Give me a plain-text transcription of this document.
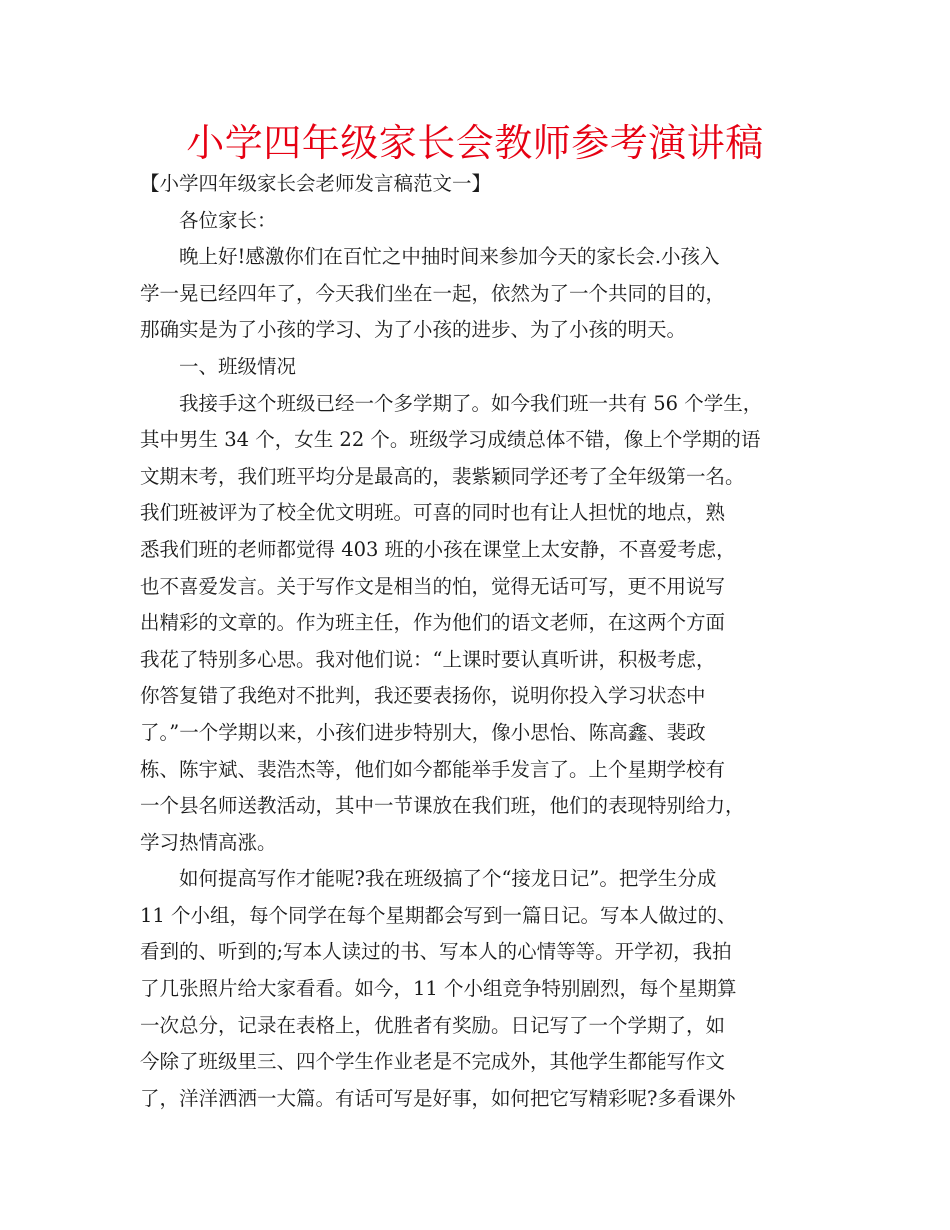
小学四年级家长会教师参考演讲稿
【小学四年级家长会老师发言稿范文一】
各位家长：
晚上好!感激你们在百忙之中抽时间来参加今天的家长会.小孩入
学一晃已经四年了，今天我们坐在一起，依然为了一个共同的目的，
那确实是为了小孩的学习、为了小孩的进步、为了小孩的明天。
一、班级情况
我接手这个班级已经一个多学期了。如今我们班一共有 56 个学生，
其中男生 34 个，女生 22 个。班级学习成绩总体不错，像上个学期的语
文期末考，我们班平均分是最高的，裴紫颖同学还考了全年级第一名。
我们班被评为了校全优文明班。可喜的同时也有让人担忧的地点，熟
悉我们班的老师都觉得 403 班的小孩在课堂上太安静，不喜爱考虑，
也不喜爱发言。关于写作文是相当的怕，觉得无话可写，更不用说写
出精彩的文章的。作为班主任，作为他们的语文老师，在这两个方面
我花了特别多心思。我对他们说：“上课时要认真听讲，积极考虑，
你答复错了我绝对不批判，我还要表扬你，说明你投入学习状态中
了。”一个学期以来，小孩们进步特别大，像小思怡、陈高鑫、裴政
栋、陈宇斌、裴浩杰等，他们如今都能举手发言了。上个星期学校有
一个县名师送教活动，其中一节课放在我们班，他们的表现特别给力，
学习热情高涨。
如何提高写作才能呢?我在班级搞了个“接龙日记”。把学生分成
11 个小组，每个同学在每个星期都会写到一篇日记。写本人做过的、
看到的、听到的;写本人读过的书、写本人的心情等等。开学初，我拍
了几张照片给大家看看。如今，11 个小组竞争特别剧烈，每个星期算
一次总分，记录在表格上，优胜者有奖励。日记写了一个学期了，如
今除了班级里三、四个学生作业老是不完成外，其他学生都能写作文
了，洋洋洒洒一大篇。有话可写是好事，如何把它写精彩呢?多看课外
